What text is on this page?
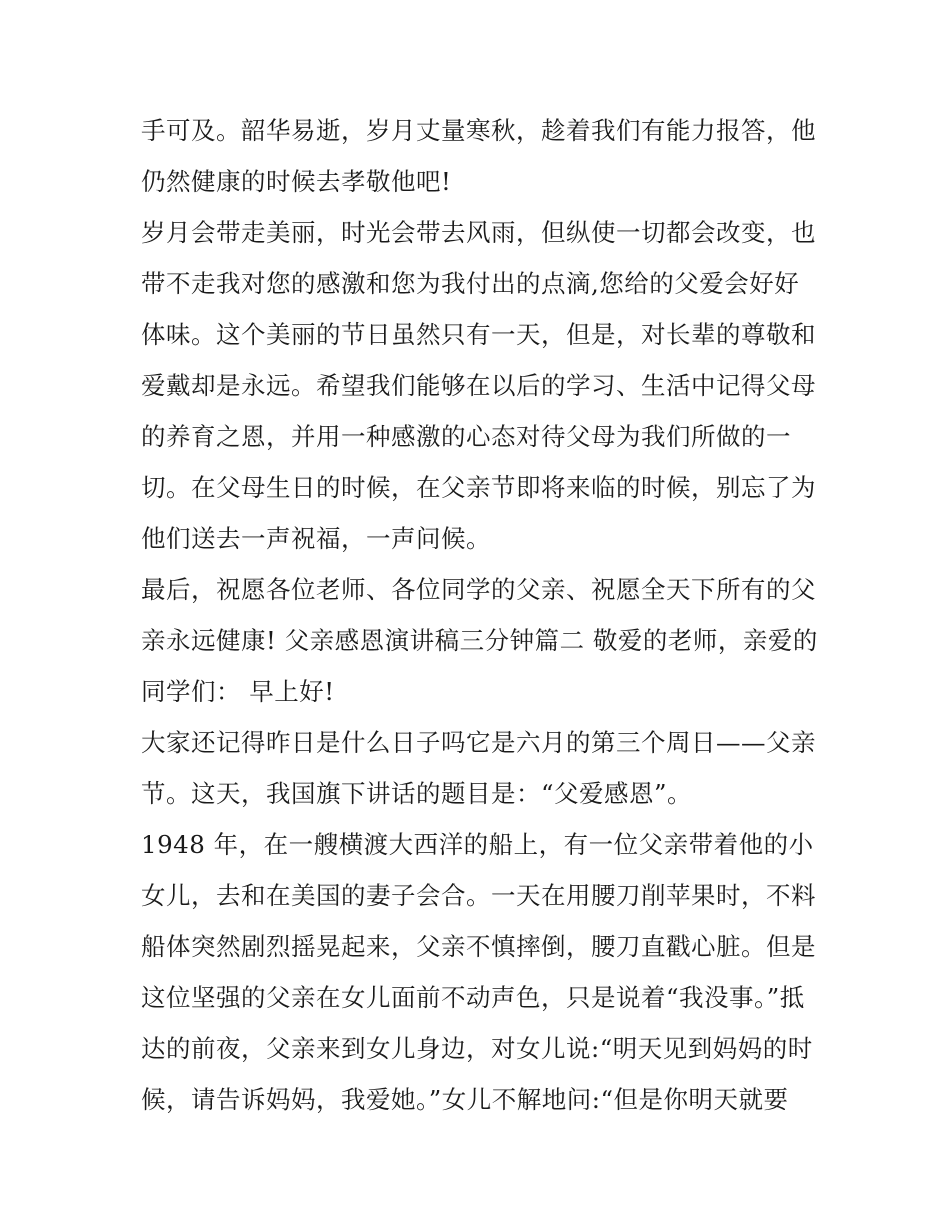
手可及。韶华易逝，岁月丈量寒秋，趁着我们有能力报答，他
仍然健康的时候去孝敬他吧!
岁月会带走美丽，时光会带去风雨，但纵使一切都会改变，也
带不走我对您的感激和您为我付出的点滴,您给的父爱会好好
体味。这个美丽的节日虽然只有一天，但是，对长辈的尊敬和
爱戴却是永远。希望我们能够在以后的学习、生活中记得父母
的养育之恩，并用一种感激的心态对待父母为我们所做的一
切。在父母生日的时候，在父亲节即将来临的时候，别忘了为
他们送去一声祝福，一声问候。
最后，祝愿各位老师、各位同学的父亲、祝愿全天下所有的父
亲永远健康! 父亲感恩演讲稿三分钟篇二 敬爱的老师，亲爱的
同学们： 早上好!
大家还记得昨日是什么日子吗它是六月的第三个周日——父亲
节。这天，我国旗下讲话的题目是：“父爱感恩”。
1948 年，在一艘横渡大西洋的船上，有一位父亲带着他的小
女儿，去和在美国的妻子会合。一天在用腰刀削苹果时，不料
船体突然剧烈摇晃起来，父亲不慎摔倒，腰刀直戳心脏。但是
这位坚强的父亲在女儿面前不动声色，只是说着“我没事。”抵
达的前夜，父亲来到女儿身边，对女儿说:“明天见到妈妈的时
候，请告诉妈妈，我爱她。”女儿不解地问:“但是你明天就要
